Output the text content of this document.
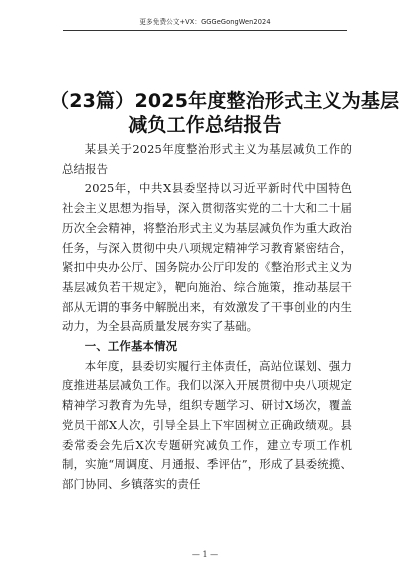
更多免费公文+VX：GGGeGongWen2024
（23篇）2025年度整治形式主义为基层
减负工作总结报告

某县关于2025年度整治形式主义为基层减负工作的总结报告

2025年，中共X县委坚持以习近平新时代中国特色社会主义思想为指导，深入贯彻落实党的二十大和二十届历次全会精神，将整治形式主义为基层减负作为重大政治任务，与深入贯彻中央八项规定精神学习教育紧密结合，紧扣中央办公厅、国务院办公厅印发的《整治形式主义为基层减负若干规定》，靶向施治、综合施策，推动基层干部从无谓的事务中解脱出来，有效激发了干事创业的内生动力，为全县高质量发展夯实了基础。

一、工作基本情况

本年度，县委切实履行主体责任，高站位谋划、强力度推进基层减负工作。我们以深入开展贯彻中央八项规定精神学习教育为先导，组织专题学习、研讨X场次，覆盖党员干部X人次，引导全县上下牢固树立正确政绩观。县委常委会先后X次专题研究减负工作，建立专项工作机制，实施“周调度、月通报、季评估”，形成了县委统揽、部门协同、乡镇落实的责任

— 1 —
